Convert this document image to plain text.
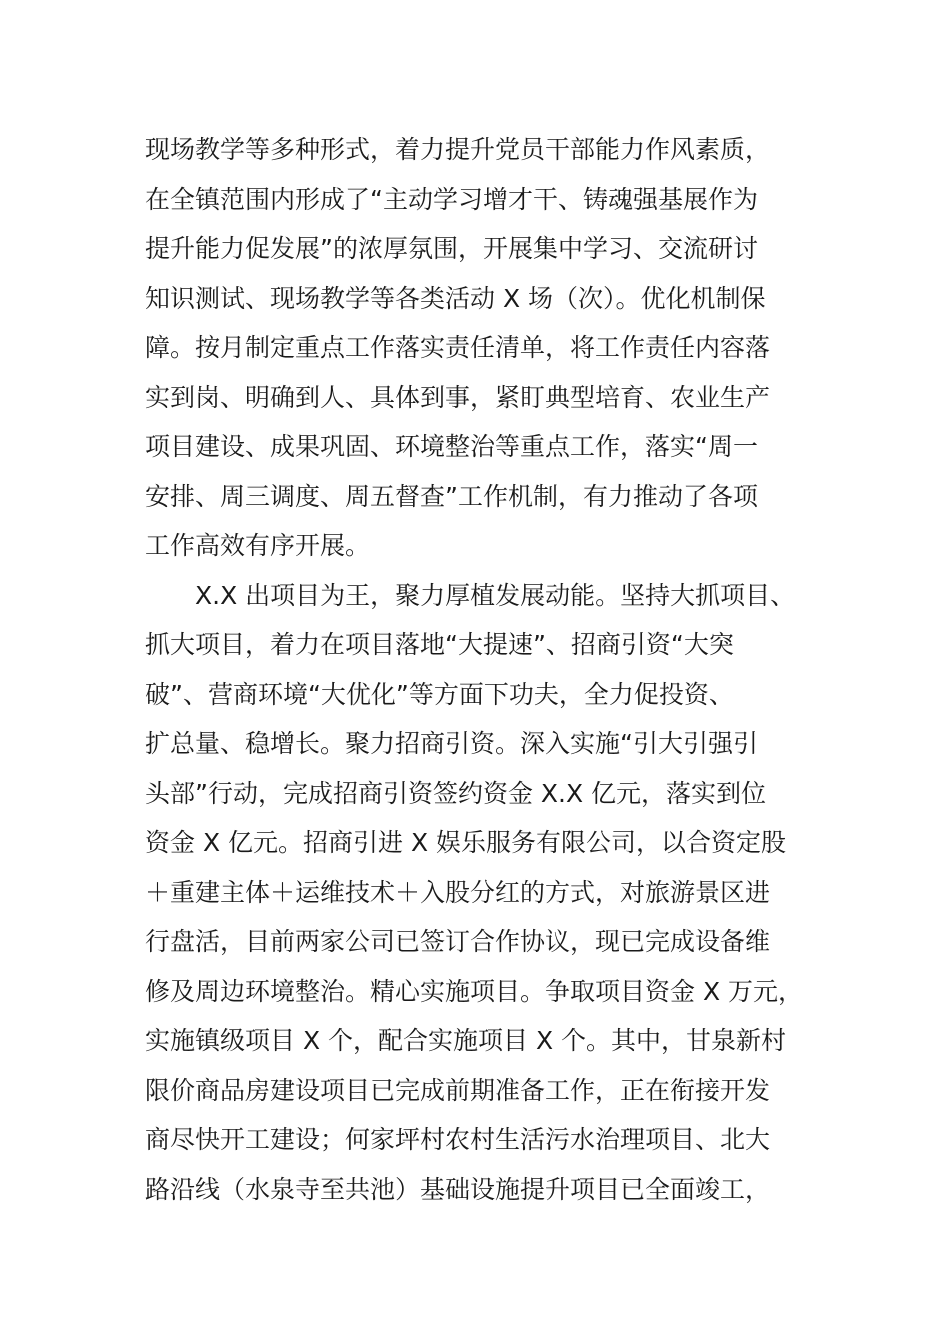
现场教学等多种形式，着力提升党员干部能力作风素质，
在全镇范围内形成了“主动学习增才干、铸魂强基展作为
提升能力促发展”的浓厚氛围，开展集中学习、交流研讨
知识测试、现场教学等各类活动 X 场（次）。优化机制保
障。按月制定重点工作落实责任清单，将工作责任内容落
实到岗、明确到人、具体到事，紧盯典型培育、农业生产
项目建设、成果巩固、环境整治等重点工作，落实“周一
安排、周三调度、周五督查”工作机制，有力推动了各项
工作高效有序开展。
X.X 出项目为王，聚力厚植发展动能。坚持大抓项目、
抓大项目，着力在项目落地“大提速”、招商引资“大突
破”、营商环境“大优化”等方面下功夫，全力促投资、
扩总量、稳增长。聚力招商引资。深入实施“引大引强引
头部”行动，完成招商引资签约资金 X.X 亿元，落实到位
资金 X 亿元。招商引进 X 娱乐服务有限公司，以合资定股
＋重建主体＋运维技术＋入股分红的方式，对旅游景区进
行盘活，目前两家公司已签订合作协议，现已完成设备维
修及周边环境整治。精心实施项目。争取项目资金 X 万元，
实施镇级项目 X 个，配合实施项目 X 个。其中，甘泉新村
限价商品房建设项目已完成前期准备工作，正在衔接开发
商尽快开工建设；何家坪村农村生活污水治理项目、北大
路沿线（水泉寺至共池）基础设施提升项目已全面竣工，
